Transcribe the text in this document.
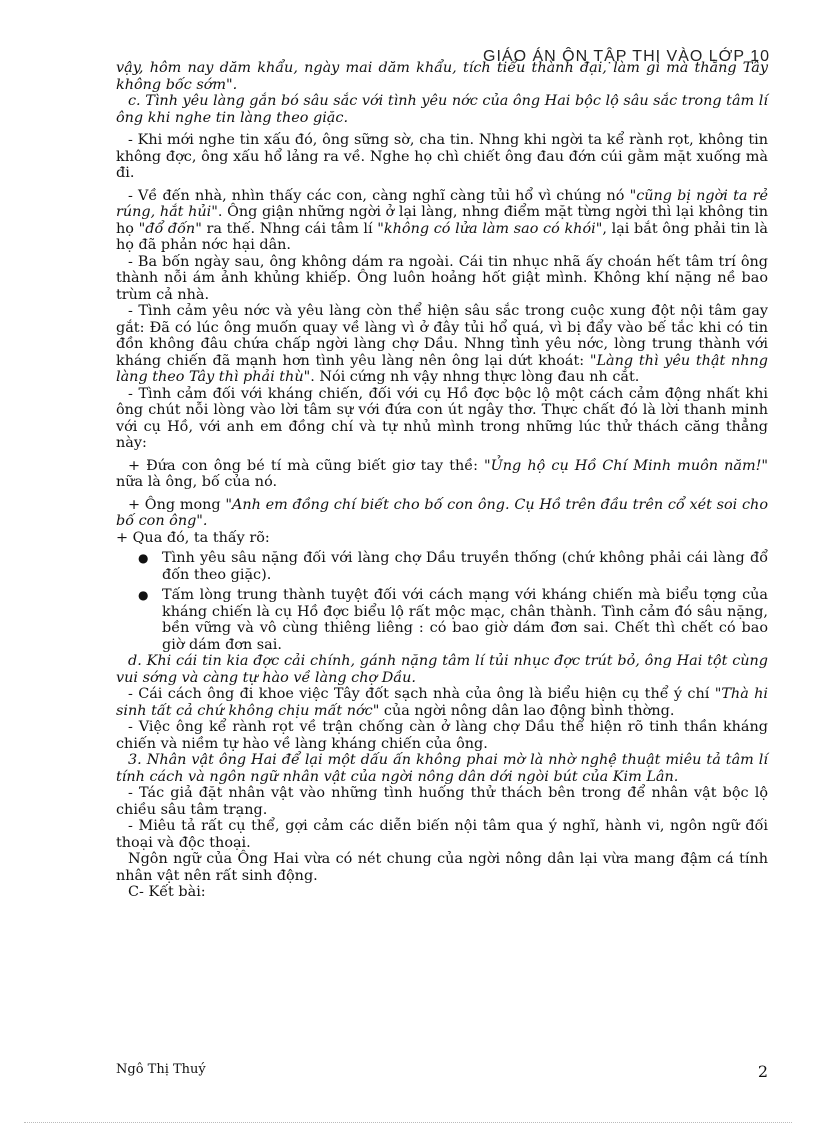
GIÁO ÁN ÔN TẬP THI VÀO LỚP 10

vậy, hôm nay dăm khẩu, ngày mai dăm khẩu, tích tiểu thành đại, làm gì mà thằng Tây không bốc sớm".

c. Tình yêu làng gắn bó sâu sắc với tình yêu nớc của ông Hai bộc lộ sâu sắc trong tâm lí ông khi nghe tin làng theo giặc.

- Khi mới nghe tin xấu đó, ông sững sờ, cha tin. Nhng khi ngời ta kể rành rọt, không tin không đợc, ông xấu hổ lảng ra về. Nghe họ chì chiết ông đau đớn cúi gằm mặt xuống mà đi.

- Về đến nhà, nhìn thấy các con, càng nghĩ càng tủi hổ vì chúng nó "cũng bị ngời ta rẻ rúng, hắt hủi". Ông giận những ngời ở lại làng, nhng điểm mặt từng ngời thì lại không tin họ "đổ đốn" ra thế. Nhng cái tâm lí "không có lửa làm sao có khói", lại bắt ông phải tin là họ đã phản nớc hại dân.

- Ba bốn ngày sau, ông không dám ra ngoài. Cái tin nhục nhã ấy choán hết tâm trí ông thành nỗi ám ảnh khủng khiếp. Ông luôn hoảng hốt giật mình. Không khí nặng nề bao trùm cả nhà.

- Tình cảm yêu nớc và yêu làng còn thể hiện sâu sắc trong cuộc xung đột nội tâm gay gắt: Đã có lúc ông muốn quay về làng vì ở đây tủi hổ quá, vì bị đẩy vào bế tắc khi có tin đồn không đâu chứa chấp ngời làng chợ Dầu. Nhng tình yêu nớc, lòng trung thành với kháng chiến đã mạnh hơn tình yêu làng nên ông lại dứt khoát: "Làng thì yêu thật nhng làng theo Tây thì phải thù". Nói cứng nh vậy nhng thực lòng đau nh cắt.

- Tình cảm đối với kháng chiến, đối với cụ Hồ đợc bộc lộ một cách cảm động nhất khi ông chút nỗi lòng vào lời tâm sự với đứa con út ngây thơ. Thực chất đó là lời thanh minh với cụ Hồ, với anh em đồng chí và tự nhủ mình trong những lúc thử thách căng thẳng này:

+ Đứa con ông bé tí mà cũng biết giơ tay thề: "Ủng hộ cụ Hồ Chí Minh muôn năm!" nữa là ông, bố của nó.

+ Ông mong "Anh em đồng chí biết cho bố con ông. Cụ Hồ trên đầu trên cổ xét soi cho bố con ông".

+ Qua đó, ta thấy rõ:

● Tình yêu sâu nặng đối với làng chợ Dầu truyền thống (chứ không phải cái làng đổ đốn theo giặc).
● Tấm lòng trung thành tuyệt đối với cách mạng với kháng chiến mà biểu tợng của kháng chiến là cụ Hồ đợc biểu lộ rất mộc mạc, chân thành. Tình cảm đó sâu nặng, bền vững và vô cùng thiêng liêng : có bao giờ dám đơn sai. Chết thì chết có bao giờ dám đơn sai.

d. Khi cái tin kia đợc cải chính, gánh nặng tâm lí tủi nhục đợc trút bỏ, ông Hai tột cùng vui sớng và càng tự hào về làng chợ Dầu.

- Cái cách ông đi khoe việc Tây đốt sạch nhà của ông là biểu hiện cụ thể ý chí "Thà hi sinh tất cả chứ không chịu mất nớc" của ngời nông dân lao động bình thờng.

- Việc ông kể rành rọt về trận chống càn ở làng chợ Dầu thể hiện rõ tinh thần kháng chiến và niềm tự hào về làng kháng chiến của ông.

3. Nhân vật ông Hai để lại một dấu ấn không phai mờ là nhờ nghệ thuật miêu tả tâm lí tính cách và ngôn ngữ nhân vật của ngời nông dân dới ngòi bút của Kim Lân.

- Tác giả đặt nhân vật vào những tình huống thử thách bên trong để nhân vật bộc lộ chiều sâu tâm trạng.

- Miêu tả rất cụ thể, gợi cảm các diễn biến nội tâm qua ý nghĩ, hành vi, ngôn ngữ đối thoại và độc thoại.

Ngôn ngữ của Ông Hai vừa có nét chung của ngời nông dân lại vừa mang đậm cá tính nhân vật nên rất sinh động.

C- Kết bài:

Ngô Thị Thuý	2
